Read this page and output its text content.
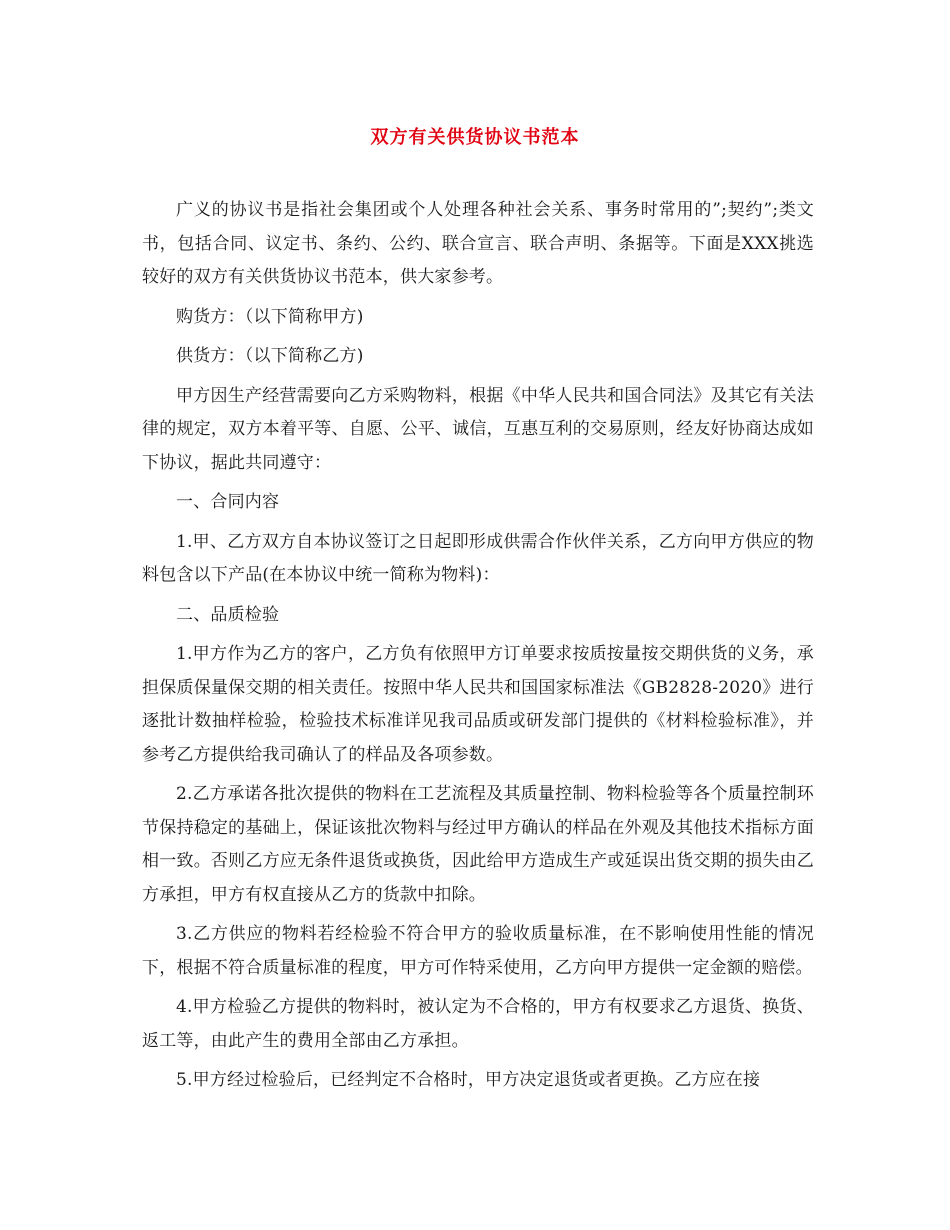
双方有关供货协议书范本

广义的协议书是指社会集团或个人处理各种社会关系、事务时常用的”;契约”;类文书，包括合同、议定书、条约、公约、联合宣言、联合声明、条据等。下面是XXX挑选较好的双方有关供货协议书范本，供大家参考。

购货方：（以下简称甲方)

供货方：（以下简称乙方)

甲方因生产经营需要向乙方采购物料，根据《中华人民共和国合同法》及其它有关法律的规定，双方本着平等、自愿、公平、诚信，互惠互利的交易原则，经友好协商达成如下协议，据此共同遵守：

一、合同内容

1.甲、乙方双方自本协议签订之日起即形成供需合作伙伴关系，乙方向甲方供应的物料包含以下产品(在本协议中统一简称为物料)：

二、品质检验

1.甲方作为乙方的客户，乙方负有依照甲方订单要求按质按量按交期供货的义务，承担保质保量保交期的相关责任。按照中华人民共和国国家标准法《GB2828-2020》进行逐批计数抽样检验，检验技术标准详见我司品质或研发部门提供的《材料检验标准》，并参考乙方提供给我司确认了的样品及各项参数。

2.乙方承诺各批次提供的物料在工艺流程及其质量控制、物料检验等各个质量控制环节保持稳定的基础上，保证该批次物料与经过甲方确认的样品在外观及其他技术指标方面相一致。否则乙方应无条件退货或换货，因此给甲方造成生产或延误出货交期的损失由乙方承担，甲方有权直接从乙方的货款中扣除。

3.乙方供应的物料若经检验不符合甲方的验收质量标准，在不影响使用性能的情况下，根据不符合质量标准的程度，甲方可作特采使用，乙方向甲方提供一定金额的赔偿。

4.甲方检验乙方提供的物料时，被认定为不合格的，甲方有权要求乙方退货、换货、返工等，由此产生的费用全部由乙方承担。

5.甲方经过检验后，已经判定不合格时，甲方决定退货或者更换。乙方应在接
